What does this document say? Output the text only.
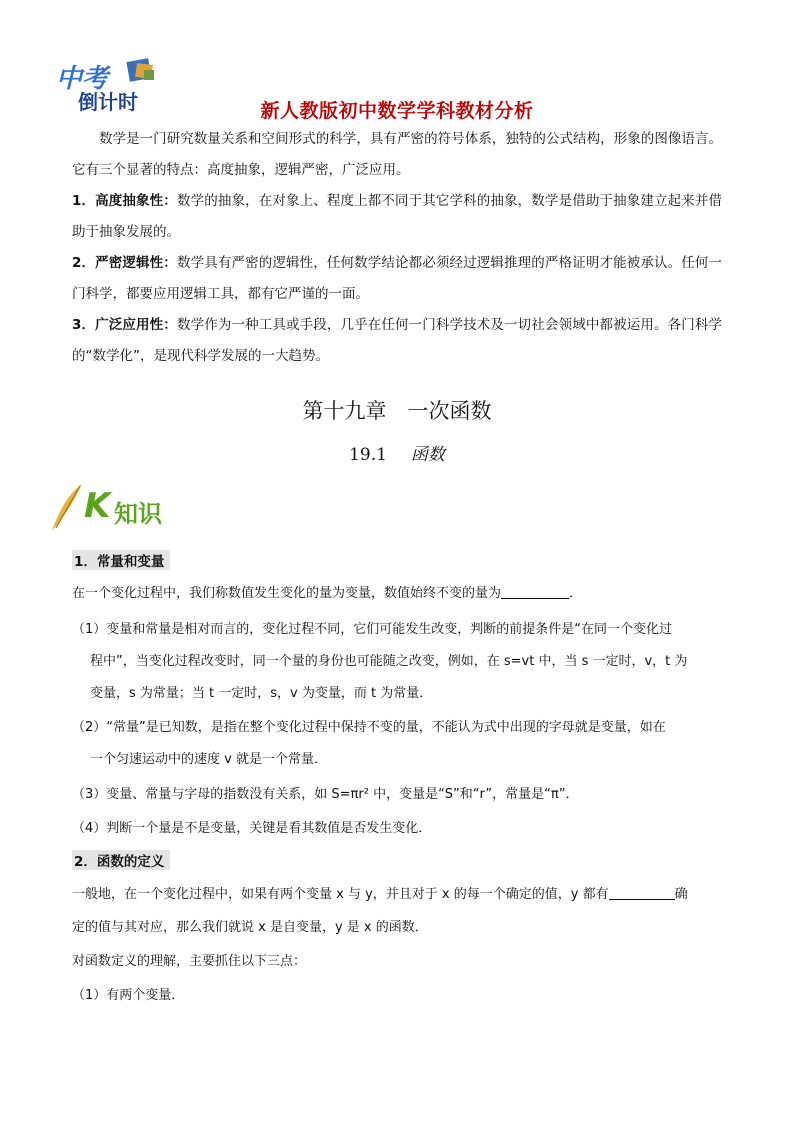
中考
倒计时	新人教版初中数学学科教材分析
数学是一门研究数量关系和空间形式的科学，具有严密的符号体系，独特的公式结构，形象的图像语言。它有三个显著的特点：高度抽象，逻辑严密，广泛应用。
1．高度抽象性：数学的抽象，在对象上、程度上都不同于其它学科的抽象，数学是借助于抽象建立起来并借助于抽象发展的。
2．严密逻辑性：数学具有严密的逻辑性，任何数学结论都必须经过逻辑推理的严格证明才能被承认。任何一门科学，都要应用逻辑工具，都有它严谨的一面。
3．广泛应用性：数学作为一种工具或手段，几乎在任何一门科学技术及一切社会领域中都被运用。各门科学的“数学化”，是现代科学发展的一大趋势。
第十九章　一次函数
19.1 函数
K 知识
1．常量和变量
在一个变化过程中，我们称数值发生变化的量为变量，数值始终不变的量为	．
（1）变量和常量是相对而言的，变化过程不同，它们可能发生改变，判断的前提条件是“在同一个变化过
程中”，当变化过程改变时，同一个量的身份也可能随之改变，例如，在 s=vt 中，当 s 一定时，v，t 为
变量，s 为常量；当 t 一定时，s，v 为变量，而 t 为常量．
（2）“常量”是已知数，是指在整个变化过程中保持不变的量，不能认为式中出现的字母就是变量，如在
一个匀速运动中的速度 v 就是一个常量．
（3）变量、常量与字母的指数没有关系，如 S=πr² 中，变量是“S”和“r”，常量是“π”．
（4）判断一个量是不是变量，关键是看其数值是否发生变化．
2．函数的定义
一般地，在一个变化过程中，如果有两个变量 x 与 y，并且对于 x 的每一个确定的值，y 都有	确
定的值与其对应，那么我们就说 x 是自变量，y 是 x 的函数．
对函数定义的理解，主要抓住以下三点：
（1）有两个变量．
